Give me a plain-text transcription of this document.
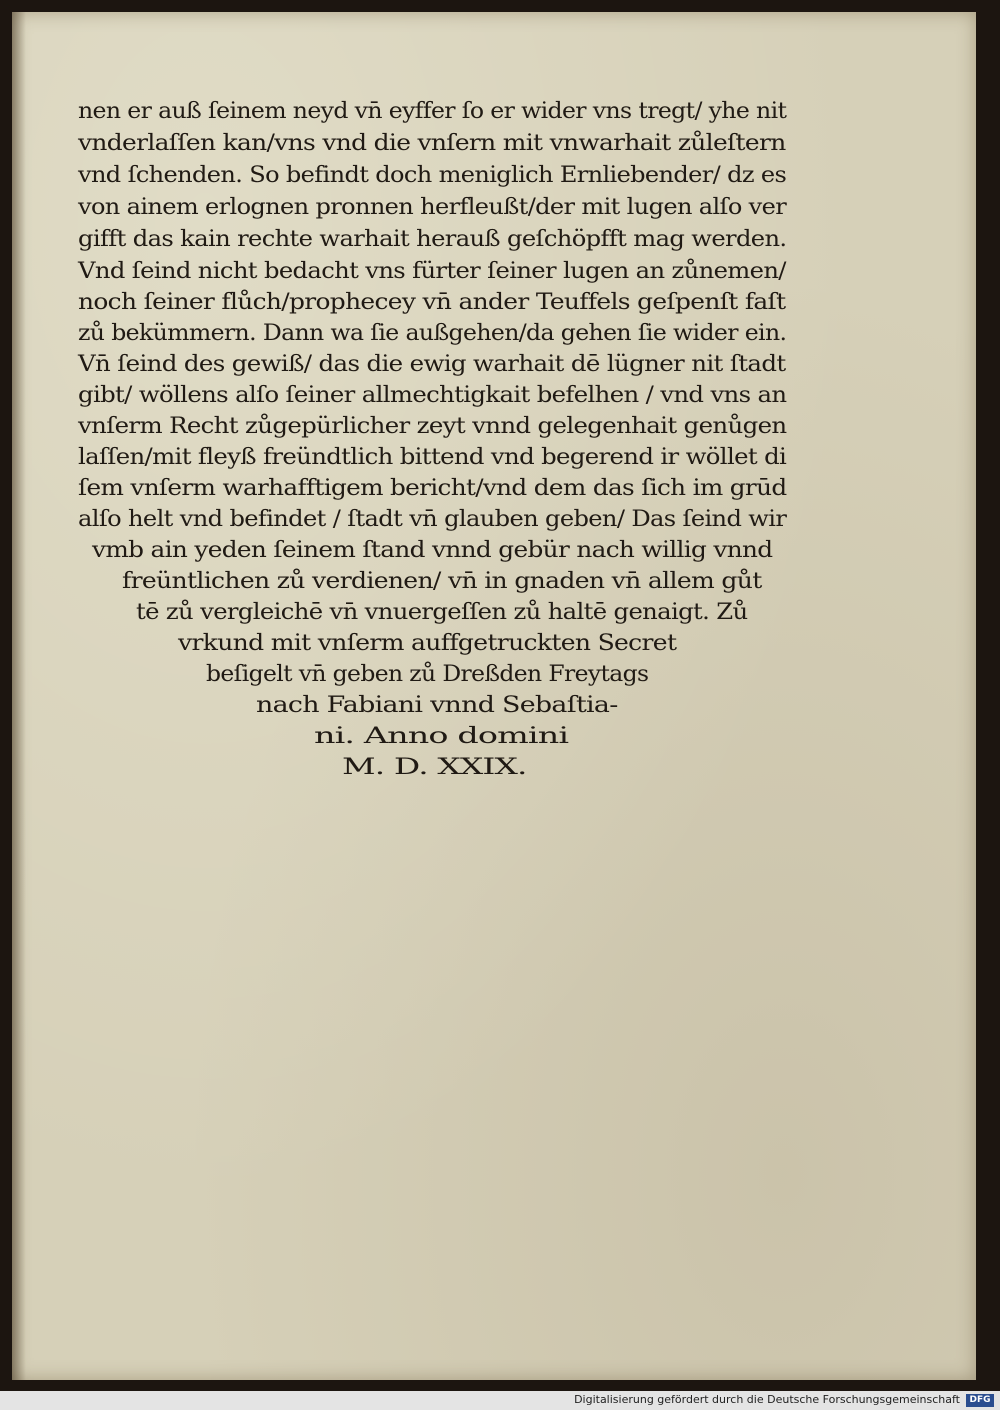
nen er auß ſeinem neyd vn̄ eyffer ſo er wider vns tregt/ yhe nit
vnderlaſſen kan/vns vnd die vnſern mit vnwarhait zůleſtern
vnd ſchenden. So befindt doch meniglich Ernliebender/ dz es
von ainem erlognen pronnen herfleußt/der mit lugen alſo ver
gifft das kain rechte warhait herauß geſchöpfft mag werden.
Vnd ſeind nicht bedacht vns fürter ſeiner lugen an zůnemen/
noch ſeiner flůch/prophecey vn̄ ander Teuffels geſpenſt faſt
zů bekümmern. Dann wa ſie außgehen/da gehen ſie wider ein.
Vn̄ ſeind des gewiß/ das die ewig warhait dē lügner nit ſtadt
gibt/ wöllens alſo ſeiner allmechtigkait befelhen / vnd vns an
vnſerm Recht zůgepürlicher zeyt vnnd gelegenhait genůgen
laſſen/mit fleyß freündtlich bittend vnd begerend ir wöllet di
ſem vnſerm warhafftigem bericht/vnd dem das ſich im grūd
alſo helt vnd befindet / ſtadt vn̄ glauben geben/ Das ſeind wir
vmb ain yeden ſeinem ſtand vnnd gebür nach willig vnnd
freüntlichen zů verdienen/ vn̄ in gnaden vn̄ allem gůt
tē zů vergleichē vn̄ vnuergeſſen zů haltē genaigt. Zů
vrkund mit vnſerm auffgetruckten Secret
beſigelt vn̄ geben zů Dreßden Freytags
nach Fabiani vnnd Sebaſtia-
ni. Anno domini
M. D. XXIX.
Digitalisierung gefördert durch die Deutsche Forschungsgemeinschaft	DFG
